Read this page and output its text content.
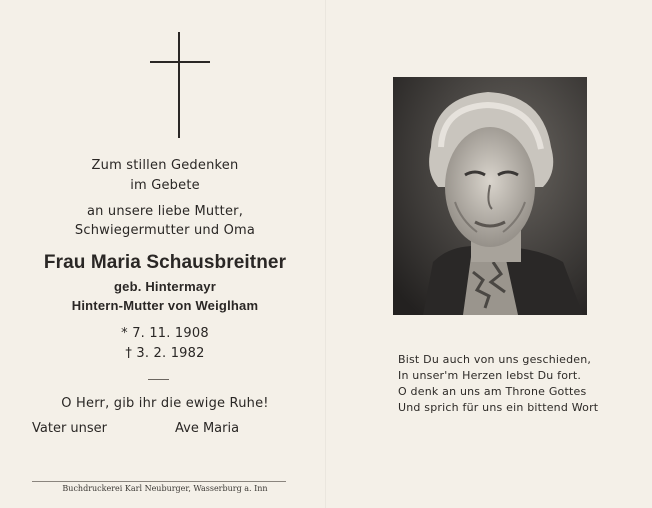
Zum stillen Gedenken
im Gebete
an unsere liebe Mutter,
Schwiegermutter und Oma
Frau Maria Schausbreitner
geb. Hintermayr
Hintern-Mutter von Weiglham
* 7. 11. 1908
† 3. 2. 1982
O Herr, gib ihr die ewige Ruhe!
Vater unser	Ave Maria
Buchdruckerei Karl Neuburger, Wasserburg a. Inn
Bist Du auch von uns geschieden,
In unser'm Herzen lebst Du fort.
O denk an uns am Throne Gottes
Und sprich für uns ein bittend Wort
